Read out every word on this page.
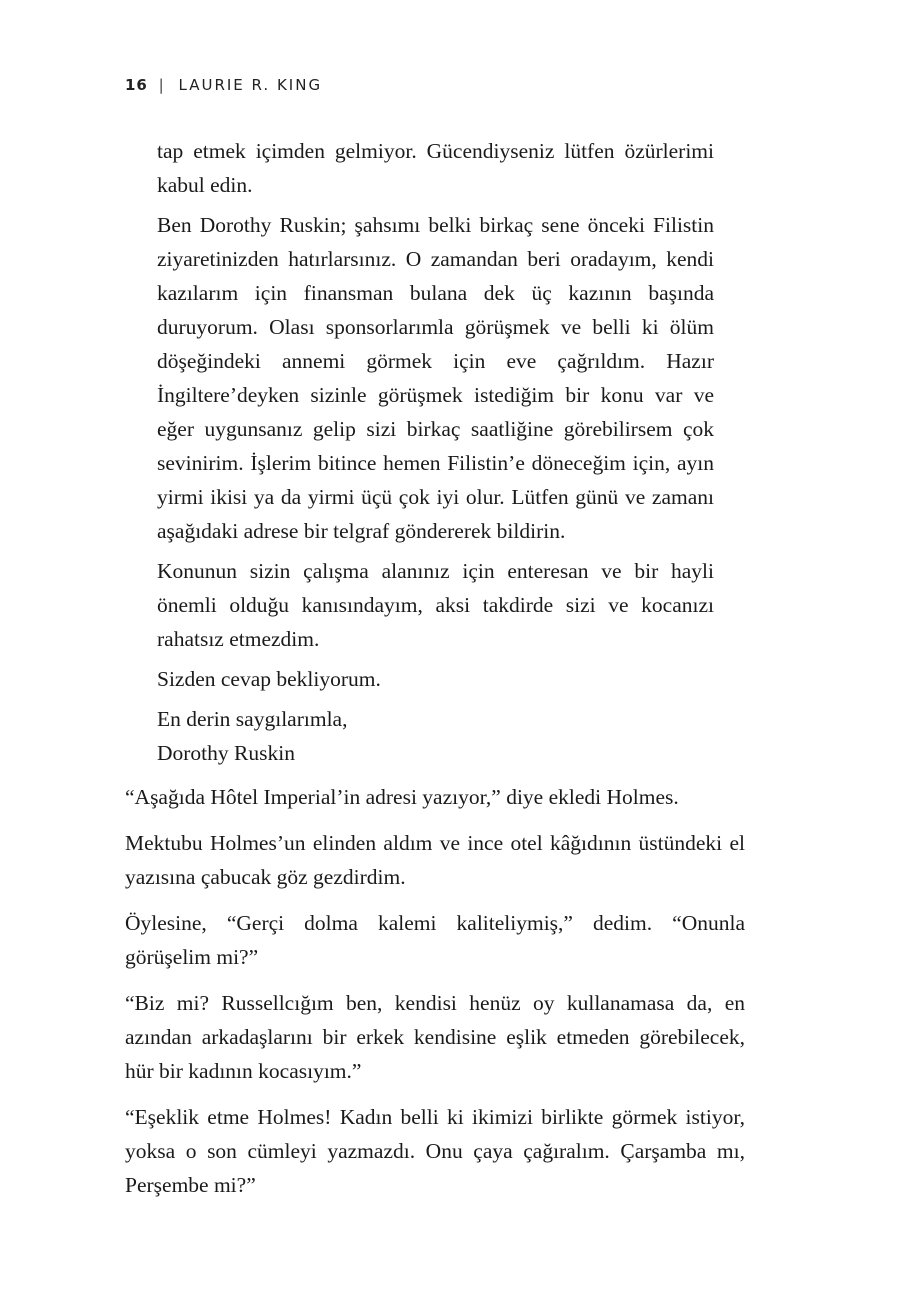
16 | LAURIE R. KING

tap etmek içimden gelmiyor. Gücendiyseniz lütfen özürlerimi kabul edin.

Ben Dorothy Ruskin; şahsımı belki birkaç sene önceki Filistin ziyaretinizden hatırlarsınız. O zamandan beri oradayım, kendi kazılarım için finansman bulana dek üç kazının başında duruyorum. Olası sponsorlarımla görüşmek ve belli ki ölüm döşeğindeki annemi görmek için eve çağrıldım. Hazır İngiltere’deyken sizinle görüşmek istediğim bir konu var ve eğer uygunsanız gelip sizi birkaç saatliğine görebilirsem çok sevinirim. İşlerim bitince hemen Filistin’e döneceğim için, ayın yirmi ikisi ya da yirmi üçü çok iyi olur. Lütfen günü ve zamanı aşağıdaki adrese bir telgraf göndererek bildirin.

Konunun sizin çalışma alanınız için enteresan ve bir hayli önemli olduğu kanısındayım, aksi takdirde sizi ve kocanızı rahatsız etmezdim.

Sizden cevap bekliyorum.

En derin saygılarımla,

Dorothy Ruskin

“Aşağıda Hôtel Imperial’in adresi yazıyor,” diye ekledi Holmes.

Mektubu Holmes’un elinden aldım ve ince otel kâğıdının üstündeki el yazısına çabucak göz gezdirdim.

Öylesine, “Gerçi dolma kalemi kaliteliymiş,” dedim. “Onunla görüşelim mi?”

“Biz mi? Russellcığım ben, kendisi henüz oy kullanamasa da, en azından arkadaşlarını bir erkek kendisine eşlik etmeden görebilecek, hür bir kadının kocasıyım.”

“Eşeklik etme Holmes! Kadın belli ki ikimizi birlikte görmek istiyor, yoksa o son cümleyi yazmazdı. Onu çaya çağıralım. Çarşamba mı, Perşembe mi?”
